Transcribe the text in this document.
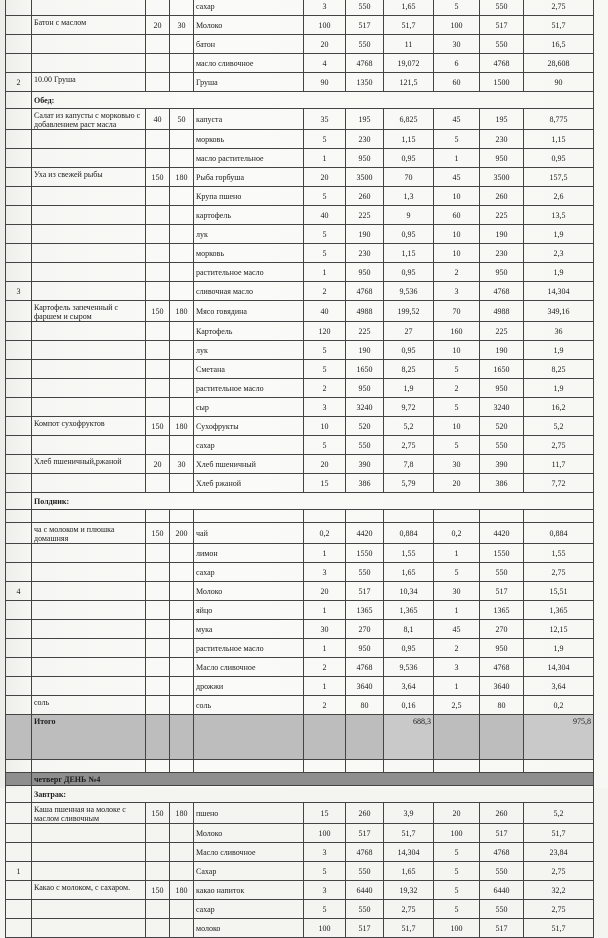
				сахар	3	550	1,65	5	550	2,75
	Батон с маслом	20	30	Молоко	100	517	51,7	100	517	51,7
				батон	20	550	11	30	550	16,5
				масло сливочное	4	4768	19,072	6	4768	28,608
2	10.00 Груша			Груша	90	1350	121,5	60	1500	90
	Обед:									
	Салат из капусты с морковью с добавлением раст масла	40	50	капуста	35	195	6,825	45	195	8,775
				морковь	5	230	1,15	5	230	1,15
				масло растительное	1	950	0,95	1	950	0,95
	Уха из свежей рыбы	150	180	Рыба горбуша	20	3500	70	45	3500	157,5
				Крупа пшено	5	260	1,3	10	260	2,6
				картофель	40	225	9	60	225	13,5
				лук	5	190	0,95	10	190	1,9
				морковь	5	230	1,15	10	230	2,3
				растительное масло	1	950	0,95	2	950	1,9
3				сливочная масло	2	4768	9,536	3	4768	14,304
	Картофель запеченный с фаршем и сыром	150	180	Мясо говядина	40	4988	199,52	70	4988	349,16
				Картофель	120	225	27	160	225	36
				лук	5	190	0,95	10	190	1,9
				Сметана	5	1650	8,25	5	1650	8,25
				растительное масло	2	950	1,9	2	950	1,9
				сыр	3	3240	9,72	5	3240	16,2
	Компот сухофруктов	150	180	Сухофрукты	10	520	5,2	10	520	5,2
				сахар	5	550	2,75	5	550	2,75
	Хлеб пшеничный,ржаной	20	30	Хлеб пшеничный	20	390	7,8	30	390	11,7
				Хлеб ржаной	15	386	5,79	20	386	7,72
	Полдник:									

	ча с молоком и плюшка домашняя	150	200	чай	0,2	4420	0,884	0,2	4420	0,884
				лимон	1	1550	1,55	1	1550	1,55
				сахар	3	550	1,65	5	550	2,75
4				Молоко	20	517	10,34	30	517	15,51
				яйцо	1	1365	1,365	1	1365	1,365
				мука	30	270	8,1	45	270	12,15
				растительное масло	1	950	0,95	2	950	1,9
				Масло сливочное	2	4768	9,536	3	4768	14,304
				дрожжи	1	3640	3,64	1	3640	3,64
	соль			соль	2	80	0,16	2,5	80	0,2
	Итого						688,3			975,8

	четверг ДЕНЬ №4									
	Завтрак:									
	Каша пшенная на молоке с маслом сливочным	150	180	пшено	15	260	3,9	20	260	5,2
				Молоко	100	517	51,7	100	517	51,7
				Масло сливочное	3	4768	14,304	5	4768	23,84
1				Сахар	5	550	1,65	5	550	2,75
	Какао с молоком, с сахаром.	150	180	какао напиток	3	6440	19,32	5	6440	32,2
				сахар	5	550	2,75	5	550	2,75
				молоко	100	517	51,7	100	517	51,7
